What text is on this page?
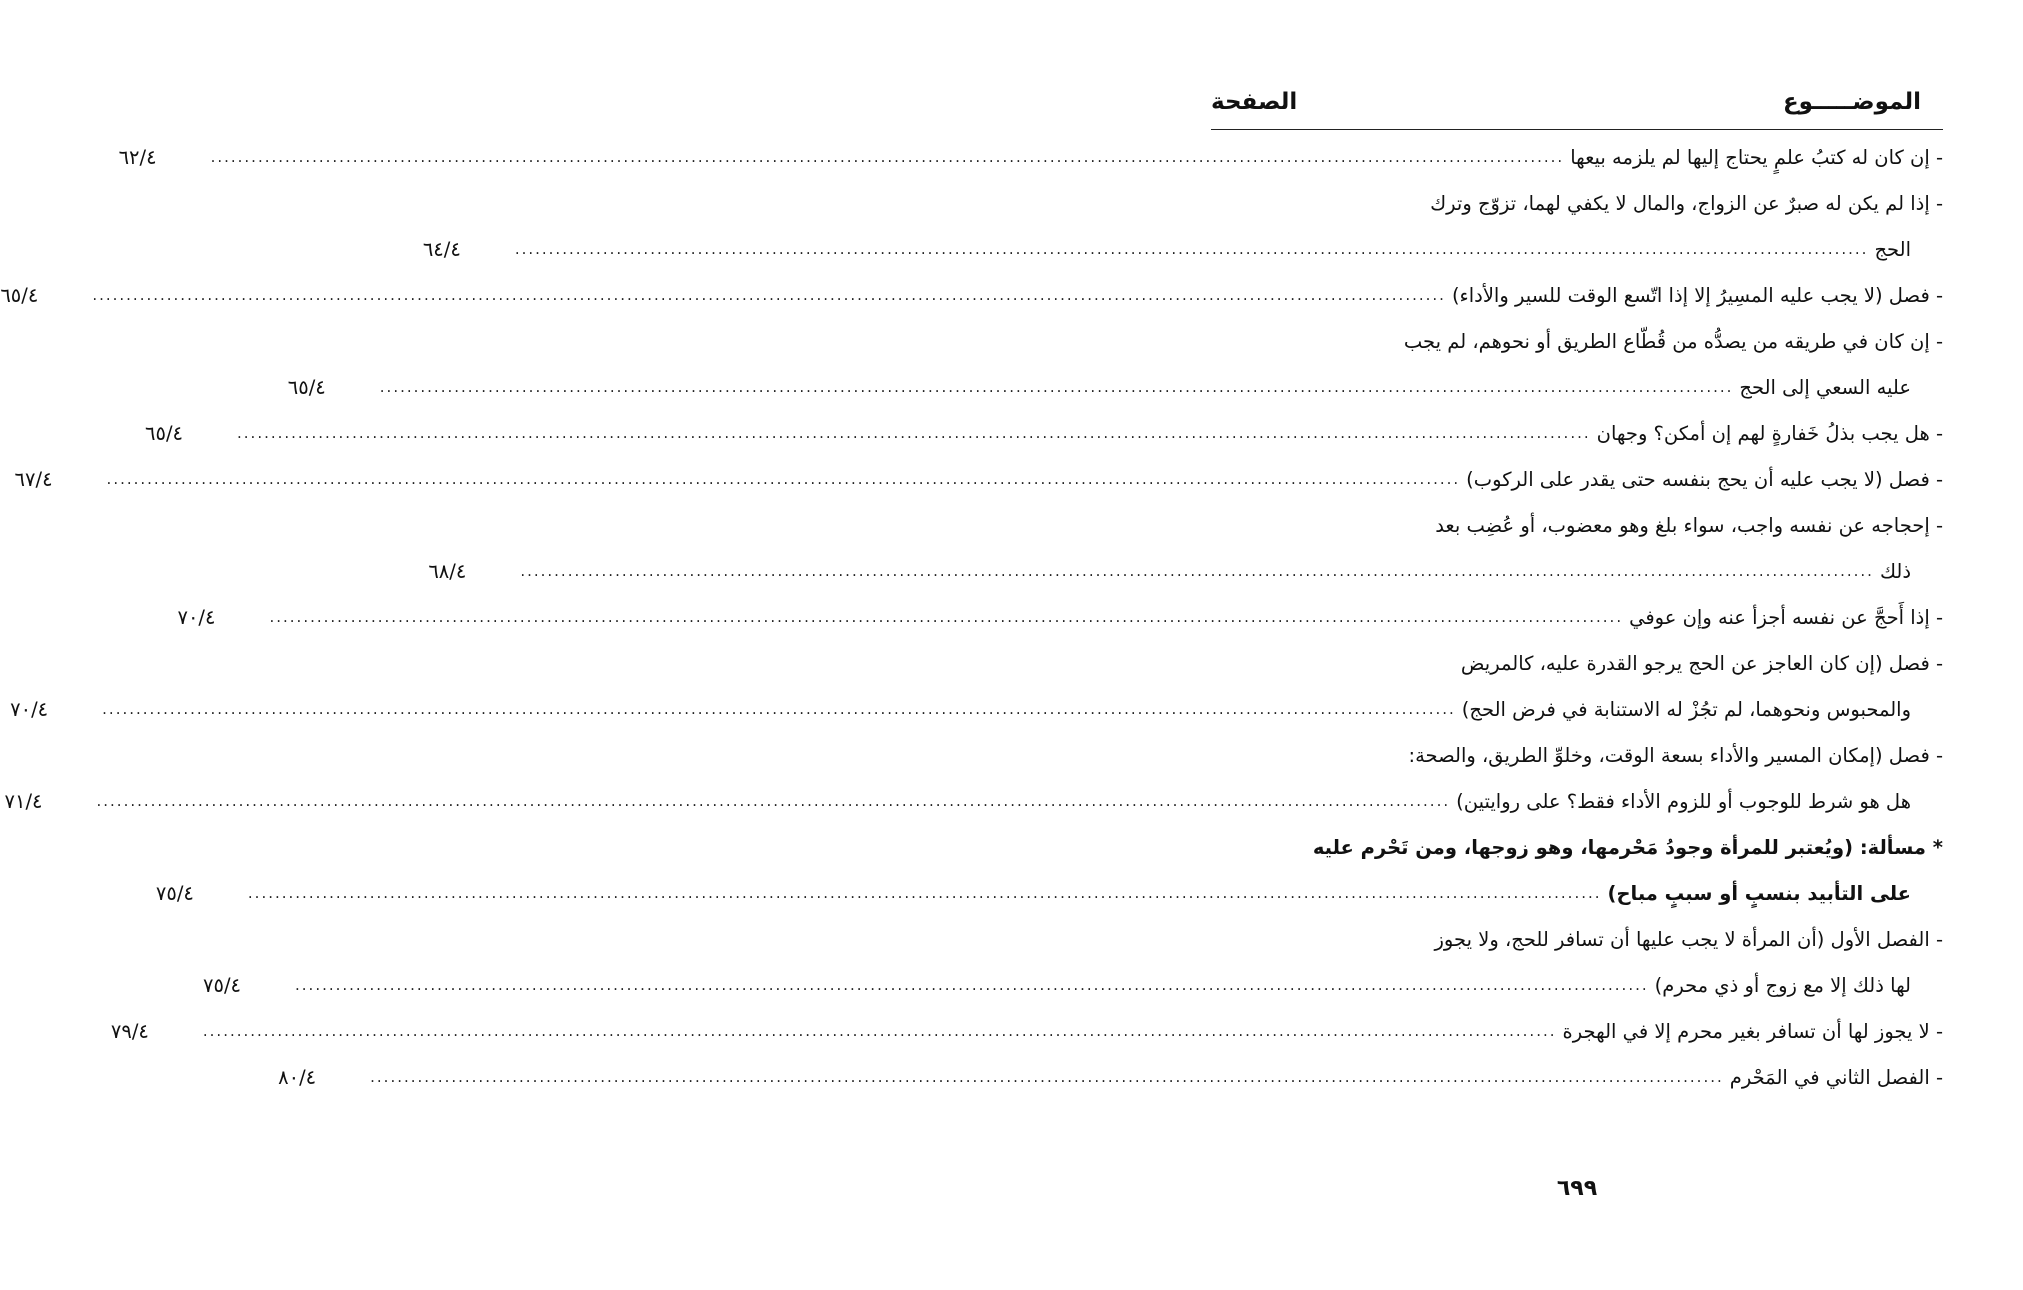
الموضـــــوع
الصفحة
- إن كان له كتبُ علمٍ يحتاج إليها لم يلزمه بيعها
........................................................................................................................................................................................................
٦٢/٤
- إذا لم يكن له صبرٌ عن الزواج، والمال لا يكفي لهما، تزوّج وترك
الحج
........................................................................................................................................................................................................
٦٤/٤
- فصل (لا يجب عليه المسِيرُ إلا إذا اتّسع الوقت للسير والأداء)
........................................................................................................................................................................................................
٦٥/٤
- إن كان في طريقه من يصدُّه من قُطّاع الطريق أو نحوهم، لم يجب
عليه السعي إلى الحج
........................................................................................................................................................................................................
٦٥/٤
- هل يجب بذلُ خَفارةٍ لهم إن أمكن؟ وجهان
........................................................................................................................................................................................................
٦٥/٤
- فصل (لا يجب عليه أن يحج بنفسه حتى يقدر على الركوب)
........................................................................................................................................................................................................
٦٧/٤
- إحجاجه عن نفسه واجب، سواء بلغ وهو معضوب، أو عُضِب بعد
ذلك
........................................................................................................................................................................................................
٦٨/٤
- إذا أَحجَّ عن نفسه أجزأ عنه وإن عوفي
........................................................................................................................................................................................................
٧٠/٤
- فصل (إن كان العاجز عن الحج يرجو القدرة عليه، كالمريض
والمحبوس ونحوهما، لم تجُزْ له الاستنابة في فرض الحج)
........................................................................................................................................................................................................
٧٠/٤
- فصل (إمكان المسير والأداء بسعة الوقت، وخلوِّ الطريق، والصحة:
هل هو شرط للوجوب أو للزوم الأداء فقط؟ على روايتين)
........................................................................................................................................................................................................
٧١/٤
* مسألة: (ويُعتبر للمرأة وجودُ مَحْرمها، وهو زوجها، ومن تَحْرم عليه
على التأبيد بنسبٍ أو سببٍ مباح)
........................................................................................................................................................................................................
٧٥/٤
- الفصل الأول (أن المرأة لا يجب عليها أن تسافر للحج، ولا يجوز
لها ذلك إلا مع زوج أو ذي محرم)
........................................................................................................................................................................................................
٧٥/٤
- لا يجوز لها أن تسافر بغير محرم إلا في الهجرة
........................................................................................................................................................................................................
٧٩/٤
- الفصل الثاني في المَحْرم
........................................................................................................................................................................................................
٨٠/٤
٦٩٩
